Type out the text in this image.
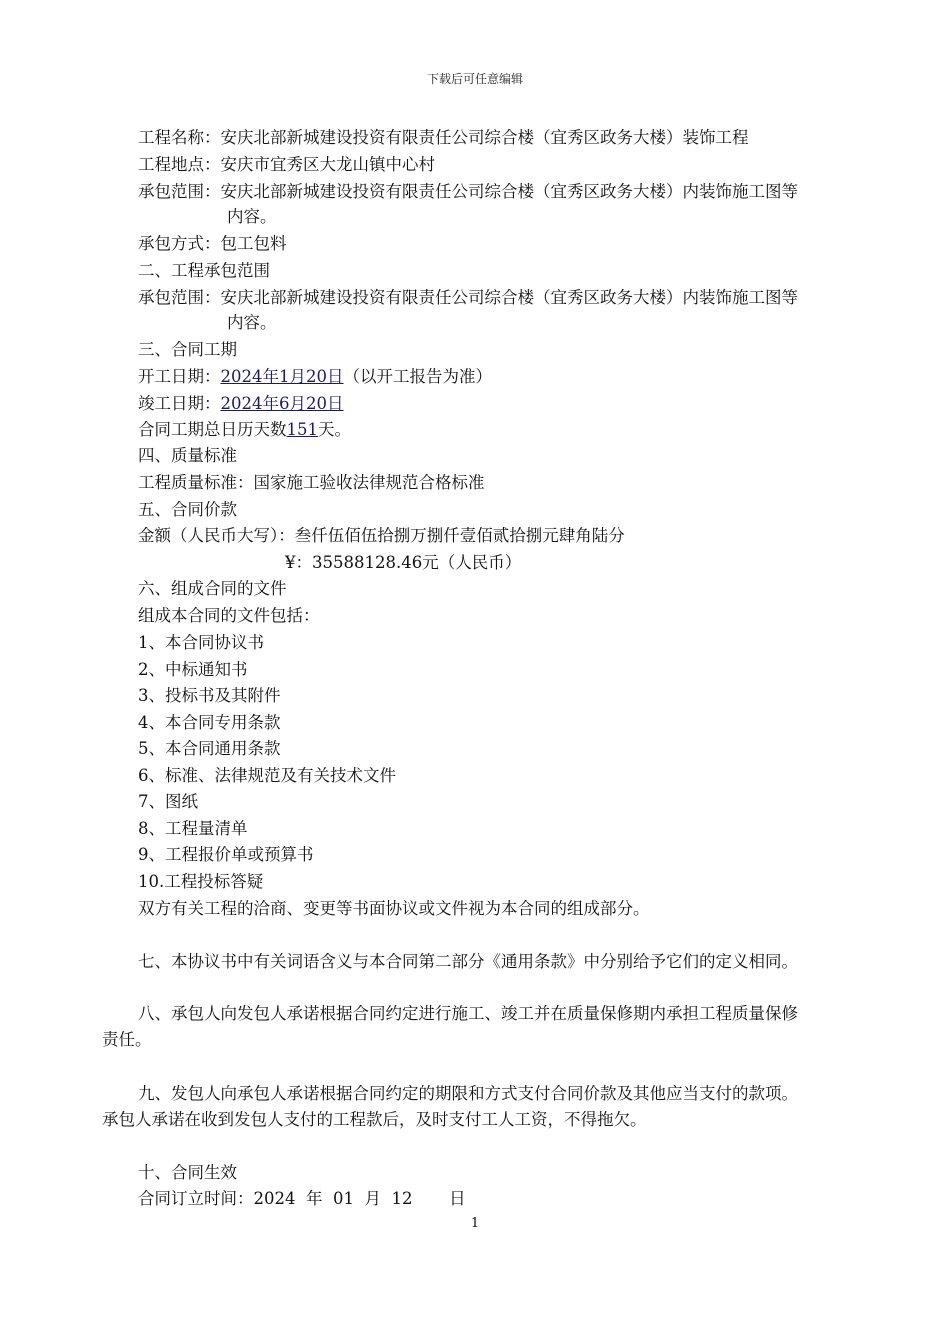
下载后可任意编辑
工程名称：安庆北部新城建设投资有限责任公司综合楼（宜秀区政务大楼）装饰工程
工程地点：安庆市宜秀区大龙山镇中心村
承包范围：安庆北部新城建设投资有限责任公司综合楼（宜秀区政务大楼）内装饰施工图等
内容。
承包方式：包工包料
二、工程承包范围
承包范围：安庆北部新城建设投资有限责任公司综合楼（宜秀区政务大楼）内装饰施工图等
内容。
三、合同工期
开工日期：2024年1月20日（以开工报告为准）
竣工日期：2024年6月20日
合同工期总日历天数151天。
四、质量标准
工程质量标准：国家施工验收法律规范合格标准
五、合同价款
金额（人民币大写）：叁仟伍佰伍拾捌万捌仟壹佰贰拾捌元肆角陆分
¥：35588128.46元（人民币）
六、组成合同的文件
组成本合同的文件包括：
1、本合同协议书
2、中标通知书
3、投标书及其附件
4、本合同专用条款
5、本合同通用条款
6、标准、法律规范及有关技术文件
7、图纸
8、工程量清单
9、工程报价单或预算书
10.工程投标答疑
双方有关工程的洽商、变更等书面协议或文件视为本合同的组成部分。
七、本协议书中有关词语含义与本合同第二部分《通用条款》中分别给予它们的定义相同。
八、承包人向发包人承诺根据合同约定进行施工、竣工并在质量保修期内承担工程质量保修
责任。
九、发包人向承包人承诺根据合同约定的期限和方式支付合同价款及其他应当支付的款项。
承包人承诺在收到发包人支付的工程款后，及时支付工人工资，不得拖欠。
十、合同生效
合同订立时间：2024  年  01  月  12       日
1
